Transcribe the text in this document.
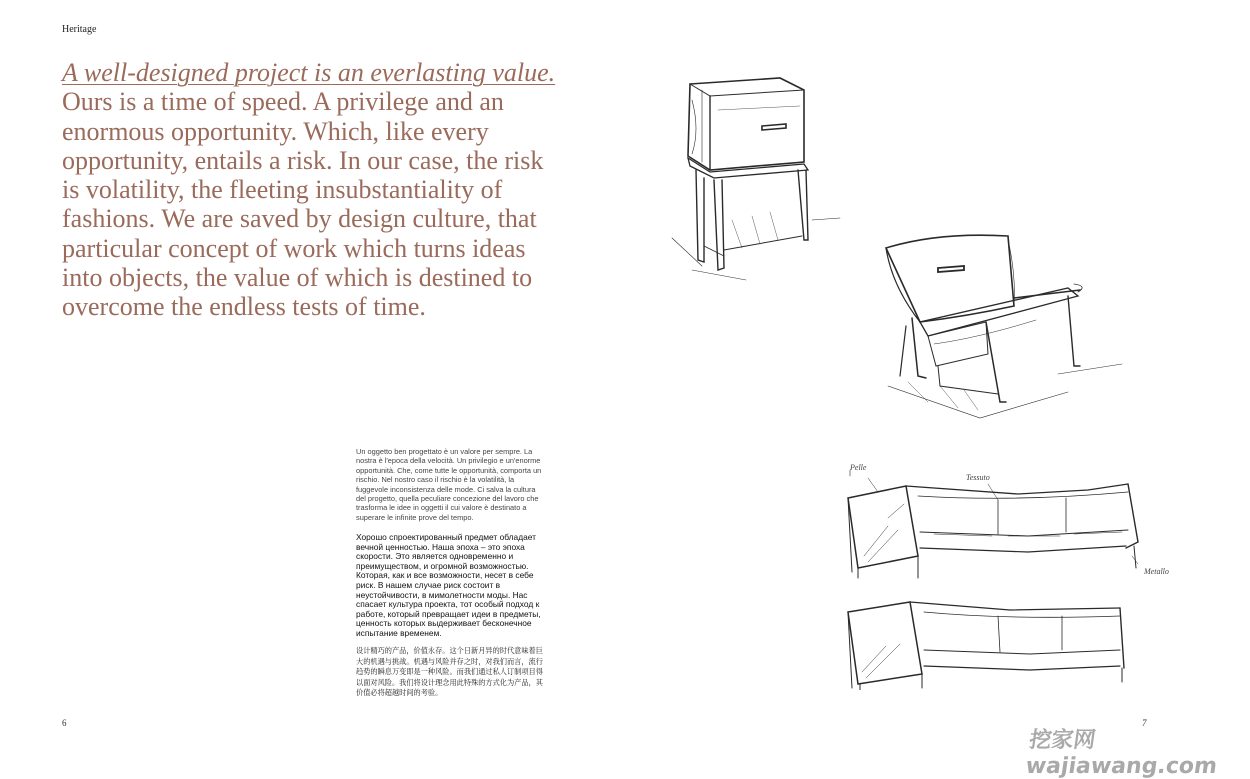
Heritage
A well-designed project is an everlasting value. Ours is a time of speed. A privilege and an enormous opportunity. Which, like every opportunity, entails a risk. In our case, the risk is volatility, the fleeting insubstantiality of fashions. We are saved by design culture, that particular concept of work which turns ideas into objects, the value of which is destined to overcome the endless tests of time.
Un oggetto ben progettato è un valore per sempre. La nostra è l'epoca della velocità. Un privilegio e un'enorme opportunità. Che, come tutte le opportunità, comporta un rischio. Nel nostro caso il rischio è la volatilità, la fuggevole inconsistenza delle mode. Ci salva la cultura del progetto, quella peculiare concezione del lavoro che trasforma le idee in oggetti il cui valore è destinato a superare le infinite prove del tempo.
Хорошо спроектированный предмет обладает вечной ценностью. Наша эпоха – это эпоха скорости. Это является одновременно и преимуществом, и огромной возможностью. Которая, как и все возможности, несет в себе риск. В нашем случае риск состоит в неустойчивости, в мимолетности моды. Нас спасает культура проекта, тот особый подход к работе, который превращает идеи в предметы, ценность которых выдерживает бесконечное испытание временем.
设计精巧的产品，价值永存。这个日新月异的时代意味着巨大的机遇与挑战。机遇与风险并存之时，对我们而言，流行趋势的瞬息万变即是一种风险。而我们通过私人订制项目得以面对风险。我们将设计理念用此特殊的方式化为产品，其价值必将超越时间的考验。
6	7
Pelle
Tessuto
Metallo
挖家网 wajiawang.com
